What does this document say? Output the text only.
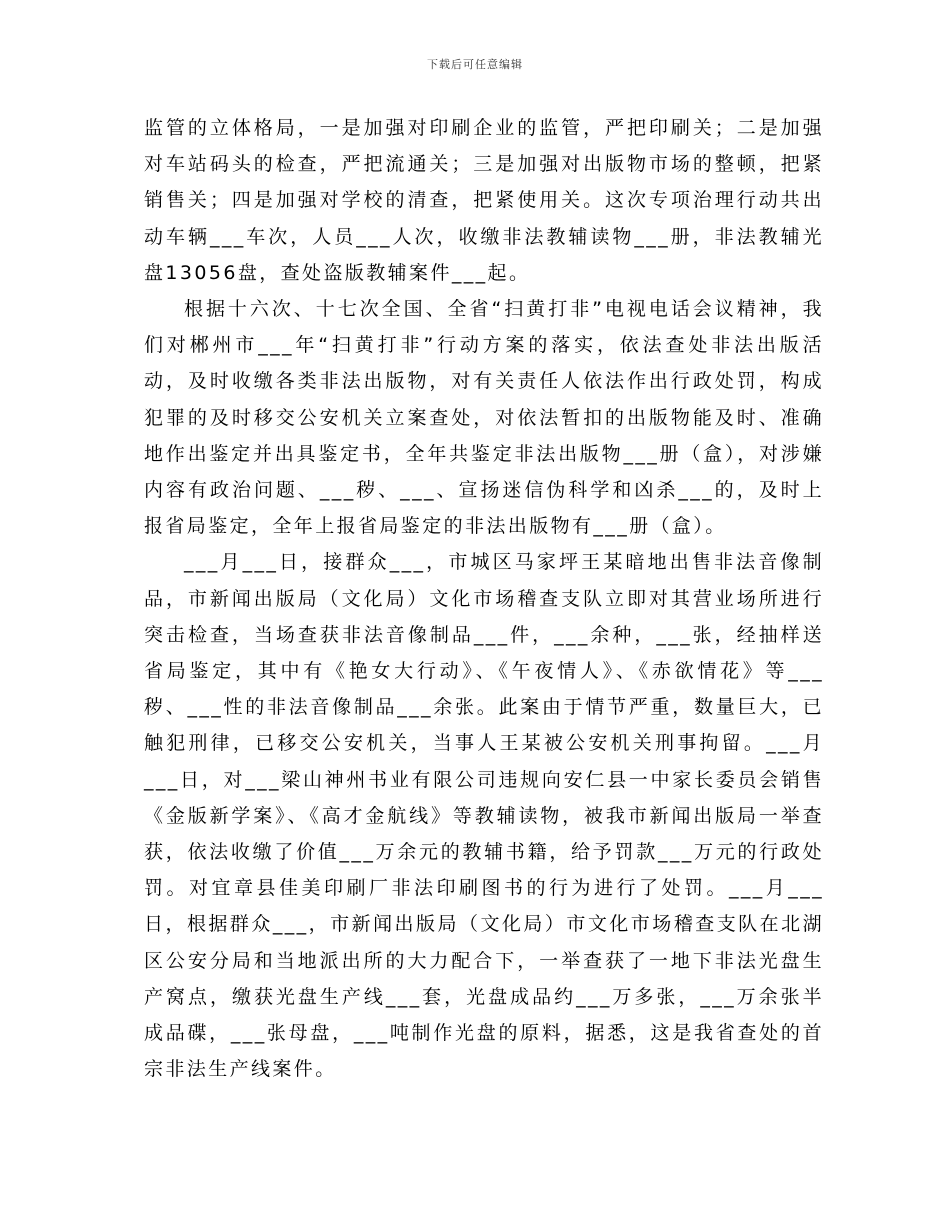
下载后可任意编辑

监管的立体格局，一是加强对印刷企业的监管，严把印刷关；二是加强对车站码头的检查，严把流通关；三是加强对出版物市场的整顿，把紧销售关；四是加强对学校的清查，把紧使用关。这次专项治理行动共出动车辆___车次，人员___人次，收缴非法教辅读物___册，非法教辅光盘13056盘，查处盗版教辅案件___起。

根据十六次、十七次全国、全省“扫黄打非”电视电话会议精神，我们对郴州市___年“扫黄打非”行动方案的落实，依法查处非法出版活动，及时收缴各类非法出版物，对有关责任人依法作出行政处罚，构成犯罪的及时移交公安机关立案查处，对依法暂扣的出版物能及时、准确地作出鉴定并出具鉴定书，全年共鉴定非法出版物___册（盒），对涉嫌内容有政治问题、___秽、___、宣扬迷信伪科学和凶杀___的，及时上报省局鉴定，全年上报省局鉴定的非法出版物有___册（盒）。

___月___日，接群众___，市城区马家坪王某暗地出售非法音像制品，市新闻出版局（文化局）文化市场稽查支队立即对其营业场所进行突击检查，当场查获非法音像制品___件，___余种，___张，经抽样送省局鉴定，其中有《艳女大行动》、《午夜情人》、《赤欲情花》等___秽、___性的非法音像制品___余张。此案由于情节严重，数量巨大，已触犯刑律，已移交公安机关，当事人王某被公安机关刑事拘留。___月___日，对___梁山神州书业有限公司违规向安仁县一中家长委员会销售《金版新学案》、《高才金航线》等教辅读物，被我市新闻出版局一举查获，依法收缴了价值___万余元的教辅书籍，给予罚款___万元的行政处罚。对宜章县佳美印刷厂非法印刷图书的行为进行了处罚。___月___日，根据群众___，市新闻出版局（文化局）市文化市场稽查支队在北湖区公安分局和当地派出所的大力配合下，一举查获了一地下非法光盘生产窝点，缴获光盘生产线___套，光盘成品约___万多张，___万余张半成品碟，___张母盘，___吨制作光盘的原料，据悉，这是我省查处的首宗非法生产线案件。
